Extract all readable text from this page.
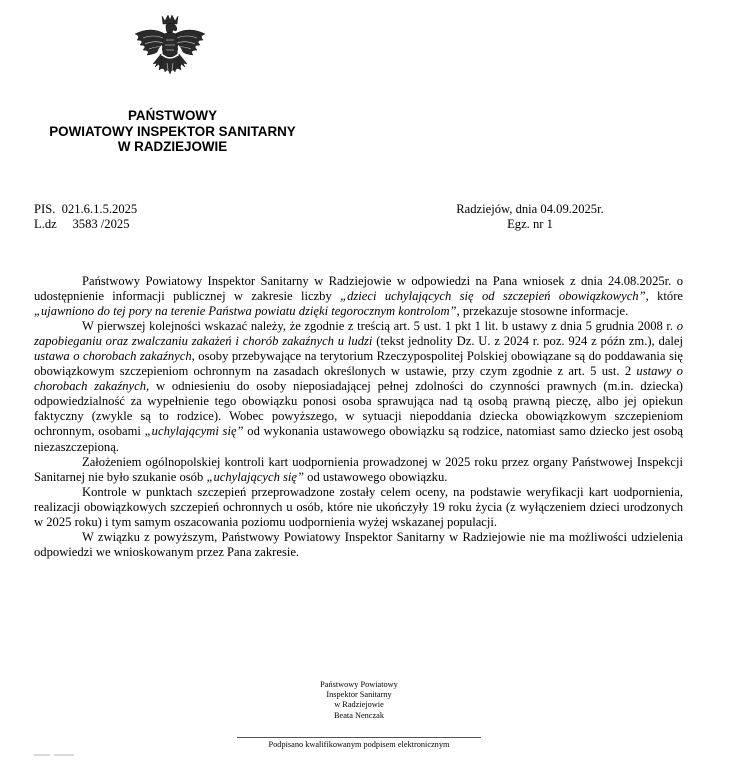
PAŃSTWOWY
POWIATOWY INSPEKTOR SANITARNY
W RADZIEJOWIE
PIS.  021.6.1.5.2025
L.dz     3583 /2025
Radziejów, dnia 04.09.2025r.
Egz. nr 1

Państwowy Powiatowy Inspektor Sanitarny w Radziejowie w odpowiedzi na Pana wniosek z dnia 24.08.2025r. o udostępnienie informacji publicznej w zakresie liczby „dzieci uchylających się od szczepień obowiązkowych”, które „ujawniono do tej pory na terenie Państwa powiatu dzięki tegorocznym kontrolom”, przekazuje stosowne informacje.

W pierwszej kolejności wskazać należy, że zgodnie z treścią art. 5 ust. 1 pkt 1 lit. b ustawy z dnia 5 grudnia 2008 r. o zapobieganiu oraz zwalczaniu zakażeń i chorób zakaźnych u ludzi (tekst jednolity Dz. U. z 2024 r. poz. 924 z późn zm.), dalej ustawa o chorobach zakaźnych, osoby przebywające na terytorium Rzeczypospolitej Polskiej obowiązane są do poddawania się obowiązkowym szczepieniom ochronnym na zasadach określonych w ustawie, przy czym zgodnie z art. 5 ust. 2 ustawy o chorobach zakaźnych, w odniesieniu do osoby nieposiadającej pełnej zdolności do czynności prawnych (m.in. dziecka) odpowiedzialność za wypełnienie tego obowiązku ponosi osoba sprawująca nad tą osobą prawną pieczę, albo jej opiekun faktyczny (zwykle są to rodzice). Wobec powyższego, w sytuacji niepoddania dziecka obowiązkowym szczepieniom ochronnym, osobami „uchylającymi się” od wykonania ustawowego obowiązku są rodzice, natomiast samo dziecko jest osobą niezaszczepioną.

Założeniem ogólnopolskiej kontroli kart uodpornienia prowadzonej w 2025 roku przez organy Państwowej Inspekcji Sanitarnej nie było szukanie osób „uchylających się” od ustawowego obowiązku.

Kontrole w punktach szczepień przeprowadzone zostały celem oceny, na podstawie weryfikacji kart uodpornienia, realizacji obowiązkowych szczepień ochronnych u osób, które nie ukończyły 19 roku życia (z wyłączeniem dzieci urodzonych w 2025 roku) i tym samym oszacowania poziomu uodpornienia wyżej wskazanej populacji.

W związku z powyższym, Państwowy Powiatowy Inspektor Sanitarny w Radziejowie nie ma możliwości udzielenia odpowiedzi we wnioskowanym przez Pana zakresie.

Państwowy Powiatowy
Inspektor Sanitarny
w Radziejowie
Beata Nenczak
Podpisano kwalifikowanym podpisem elektronicznym
